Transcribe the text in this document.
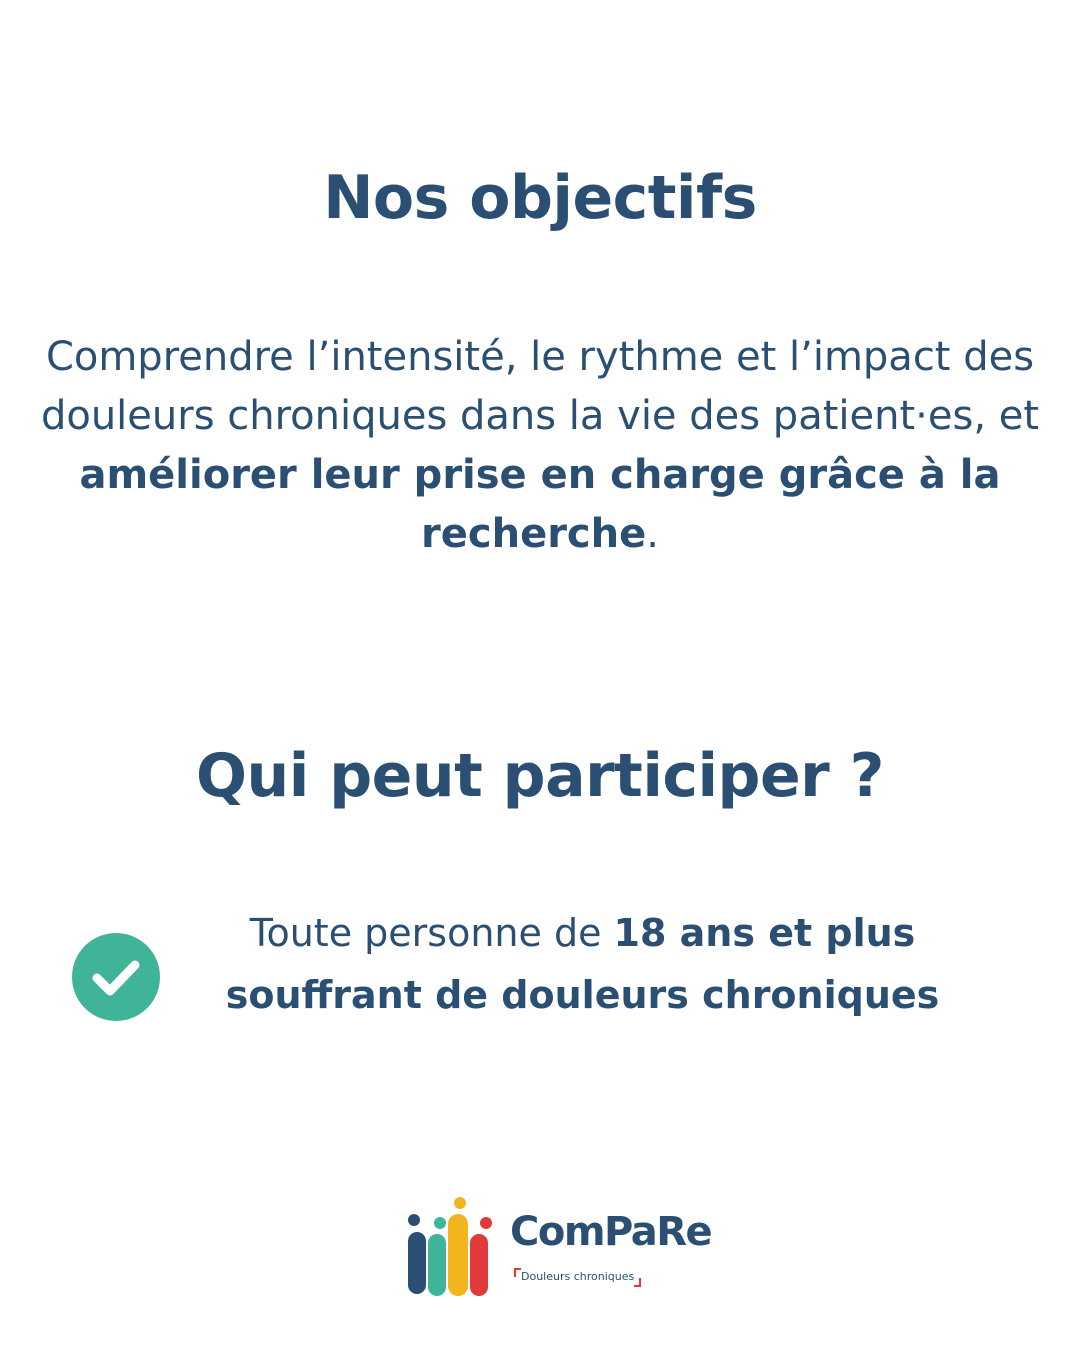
Nos objectifs

Comprendre l’intensité, le rythme et l’impact des douleurs chroniques dans la vie des patient·es, et améliorer leur prise en charge grâce à la recherche.

Qui peut participer ?

Toute personne de 18 ans et plus souffrant de douleurs chroniques

ComPaRe
Douleurs chroniques
